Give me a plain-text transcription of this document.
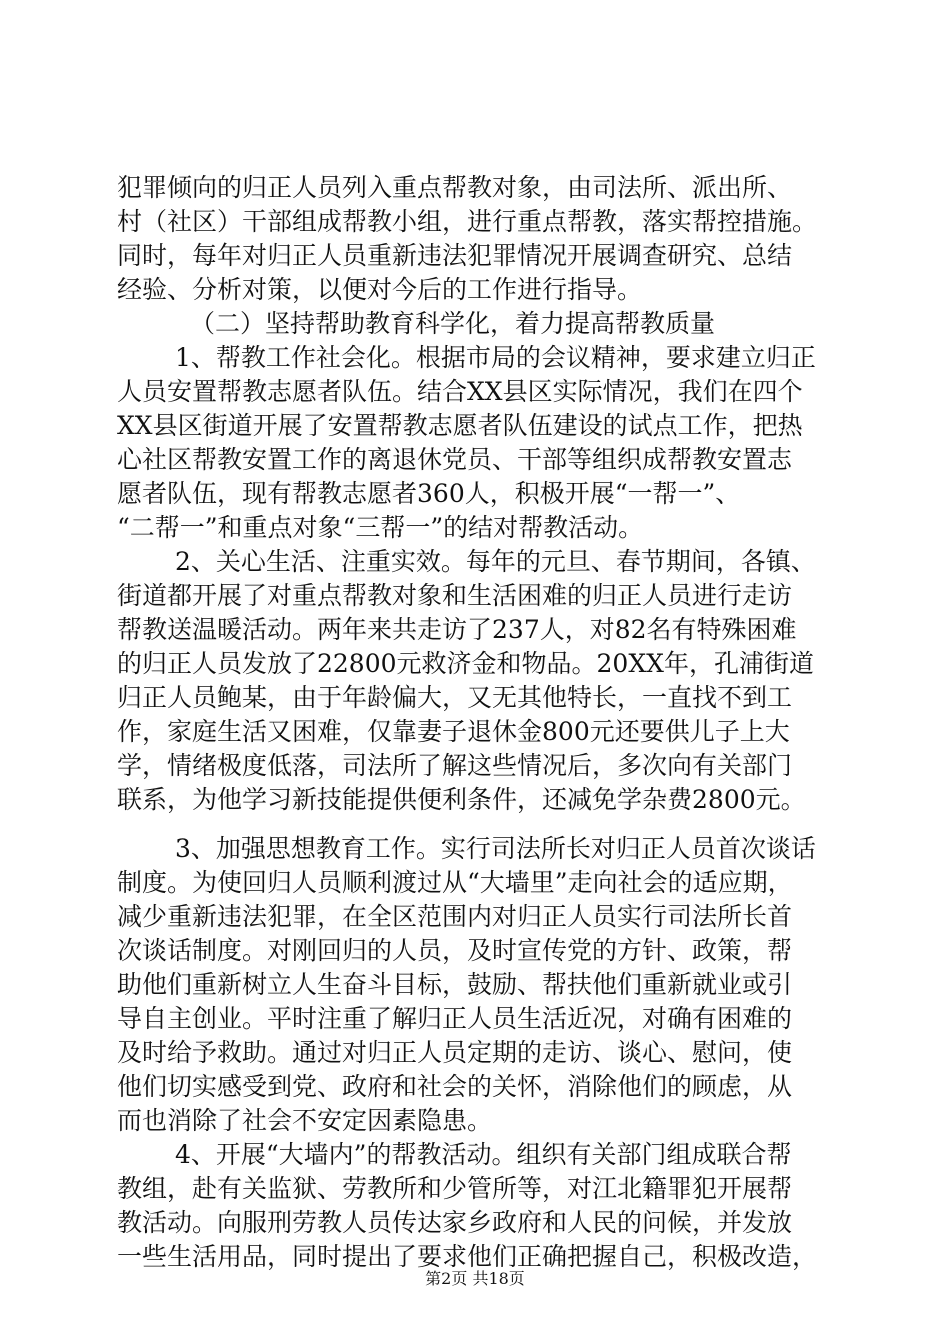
犯罪倾向的归正人员列入重点帮教对象，由司法所、派出所、
村（社区）干部组成帮教小组，进行重点帮教，落实帮控措施。
同时，每年对归正人员重新违法犯罪情况开展调查研究、总结
经验、分析对策，以便对今后的工作进行指导。
（二）坚持帮助教育科学化，着力提高帮教质量
1、帮教工作社会化。根据市局的会议精神，要求建立归正
人员安置帮教志愿者队伍。结合XX县区实际情况，我们在四个
XX县区街道开展了安置帮教志愿者队伍建设的试点工作，把热
心社区帮教安置工作的离退休党员、干部等组织成帮教安置志
愿者队伍，现有帮教志愿者360人，积极开展“一帮一”、
“二帮一”和重点对象“三帮一”的结对帮教活动。
2、关心生活、注重实效。每年的元旦、春节期间，各镇、
街道都开展了对重点帮教对象和生活困难的归正人员进行走访
帮教送温暖活动。两年来共走访了237人，对82名有特殊困难
的归正人员发放了22800元救济金和物品。20XX年，孔浦街道
归正人员鲍某，由于年龄偏大，又无其他特长，一直找不到工
作，家庭生活又困难，仅靠妻子退休金800元还要供儿子上大
学，情绪极度低落，司法所了解这些情况后，多次向有关部门
联系，为他学习新技能提供便利条件，还减免学杂费2800元。
3、加强思想教育工作。实行司法所长对归正人员首次谈话
制度。为使回归人员顺利渡过从“大墙里”走向社会的适应期，
减少重新违法犯罪，在全区范围内对归正人员实行司法所长首
次谈话制度。对刚回归的人员，及时宣传党的方针、政策，帮
助他们重新树立人生奋斗目标，鼓励、帮扶他们重新就业或引
导自主创业。平时注重了解归正人员生活近况，对确有困难的
及时给予救助。通过对归正人员定期的走访、谈心、慰问，使
他们切实感受到党、政府和社会的关怀，消除他们的顾虑，从
而也消除了社会不安定因素隐患。
4、开展“大墙内”的帮教活动。组织有关部门组成联合帮
教组，赴有关监狱、劳教所和少管所等，对江北籍罪犯开展帮
教活动。向服刑劳教人员传达家乡政府和人民的问候，并发放
一些生活用品，同时提出了要求他们正确把握自己，积极改造，
第2页 共18页
